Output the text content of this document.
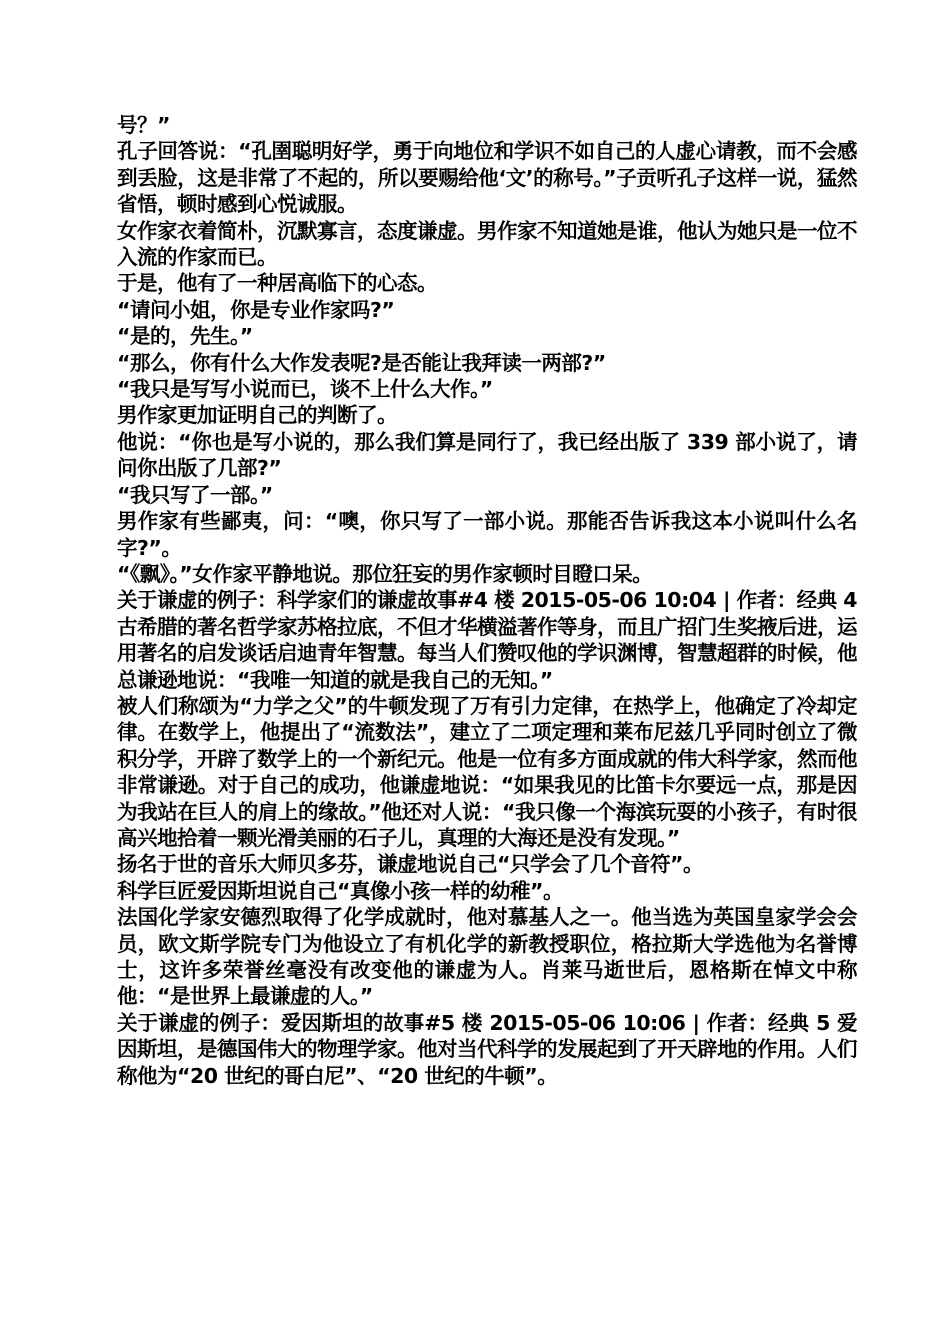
号？”

孔子回答说：“孔圉聪明好学，勇于向地位和学识不如自己的人虚心请教，而不会感到丢脸，这是非常了不起的，所以要赐给他‘文’的称号。”子贡听孔子这样一说，猛然省悟，顿时感到心悦诚服。

女作家衣着简朴，沉默寡言，态度谦虚。男作家不知道她是谁，他认为她只是一位不入流的作家而已。

于是，他有了一种居高临下的心态。

“请问小姐，你是专业作家吗?”

“是的，先生。”

“那么，你有什么大作发表呢?是否能让我拜读一两部?”

“我只是写写小说而已，谈不上什么大作。”

男作家更加证明自己的判断了。

他说：“你也是写小说的，那么我们算是同行了，我已经出版了 339 部小说了，请问你出版了几部?”

“我只写了一部。”

男作家有些鄙夷，问：“噢，你只写了一部小说。那能否告诉我这本小说叫什么名字?”。

“《飘》。”女作家平静地说。那位狂妄的男作家顿时目瞪口呆。

关于谦虚的例子：科学家们的谦虚故事#4 楼 2015-05-06 10:04 | 作者：经典 4 古希腊的著名哲学家苏格拉底，不但才华横溢著作等身，而且广招门生奖掖后进，运用著名的启发谈话启迪青年智慧。每当人们赞叹他的学识渊博，智慧超群的时候，他总谦逊地说：“我唯一知道的就是我自己的无知。”

被人们称颂为“力学之父”的牛顿发现了万有引力定律，在热学上，他确定了冷却定律。在数学上，他提出了“流数法”，建立了二项定理和莱布尼兹几乎同时创立了微积分学，开辟了数学上的一个新纪元。他是一位有多方面成就的伟大科学家，然而他非常谦逊。对于自己的成功，他谦虚地说：“如果我见的比笛卡尔要远一点，那是因为我站在巨人的肩上的缘故。”他还对人说：“我只像一个海滨玩耍的小孩子，有时很高兴地拾着一颗光滑美丽的石子儿，真理的大海还是没有发现。”

扬名于世的音乐大师贝多芬，谦虚地说自己“只学会了几个音符”。

科学巨匠爱因斯坦说自己“真像小孩一样的幼稚”。

法国化学家安德烈取得了化学成就时，他对慕基人之一。他当选为英国皇家学会会员，欧文斯学院专门为他设立了有机化学的新教授职位，格拉斯大学选他为名誉博士，这许多荣誉丝毫没有改变他的谦虚为人。肖莱马逝世后，恩格斯在悼文中称他：“是世界上最谦虚的人。”

关于谦虚的例子：爱因斯坦的故事#5 楼 2015-05-06 10:06 | 作者：经典 5 爱因斯坦，是德国伟大的物理学家。他对当代科学的发展起到了开天辟地的作用。人们称他为“20 世纪的哥白尼”、“20 世纪的牛顿”。
